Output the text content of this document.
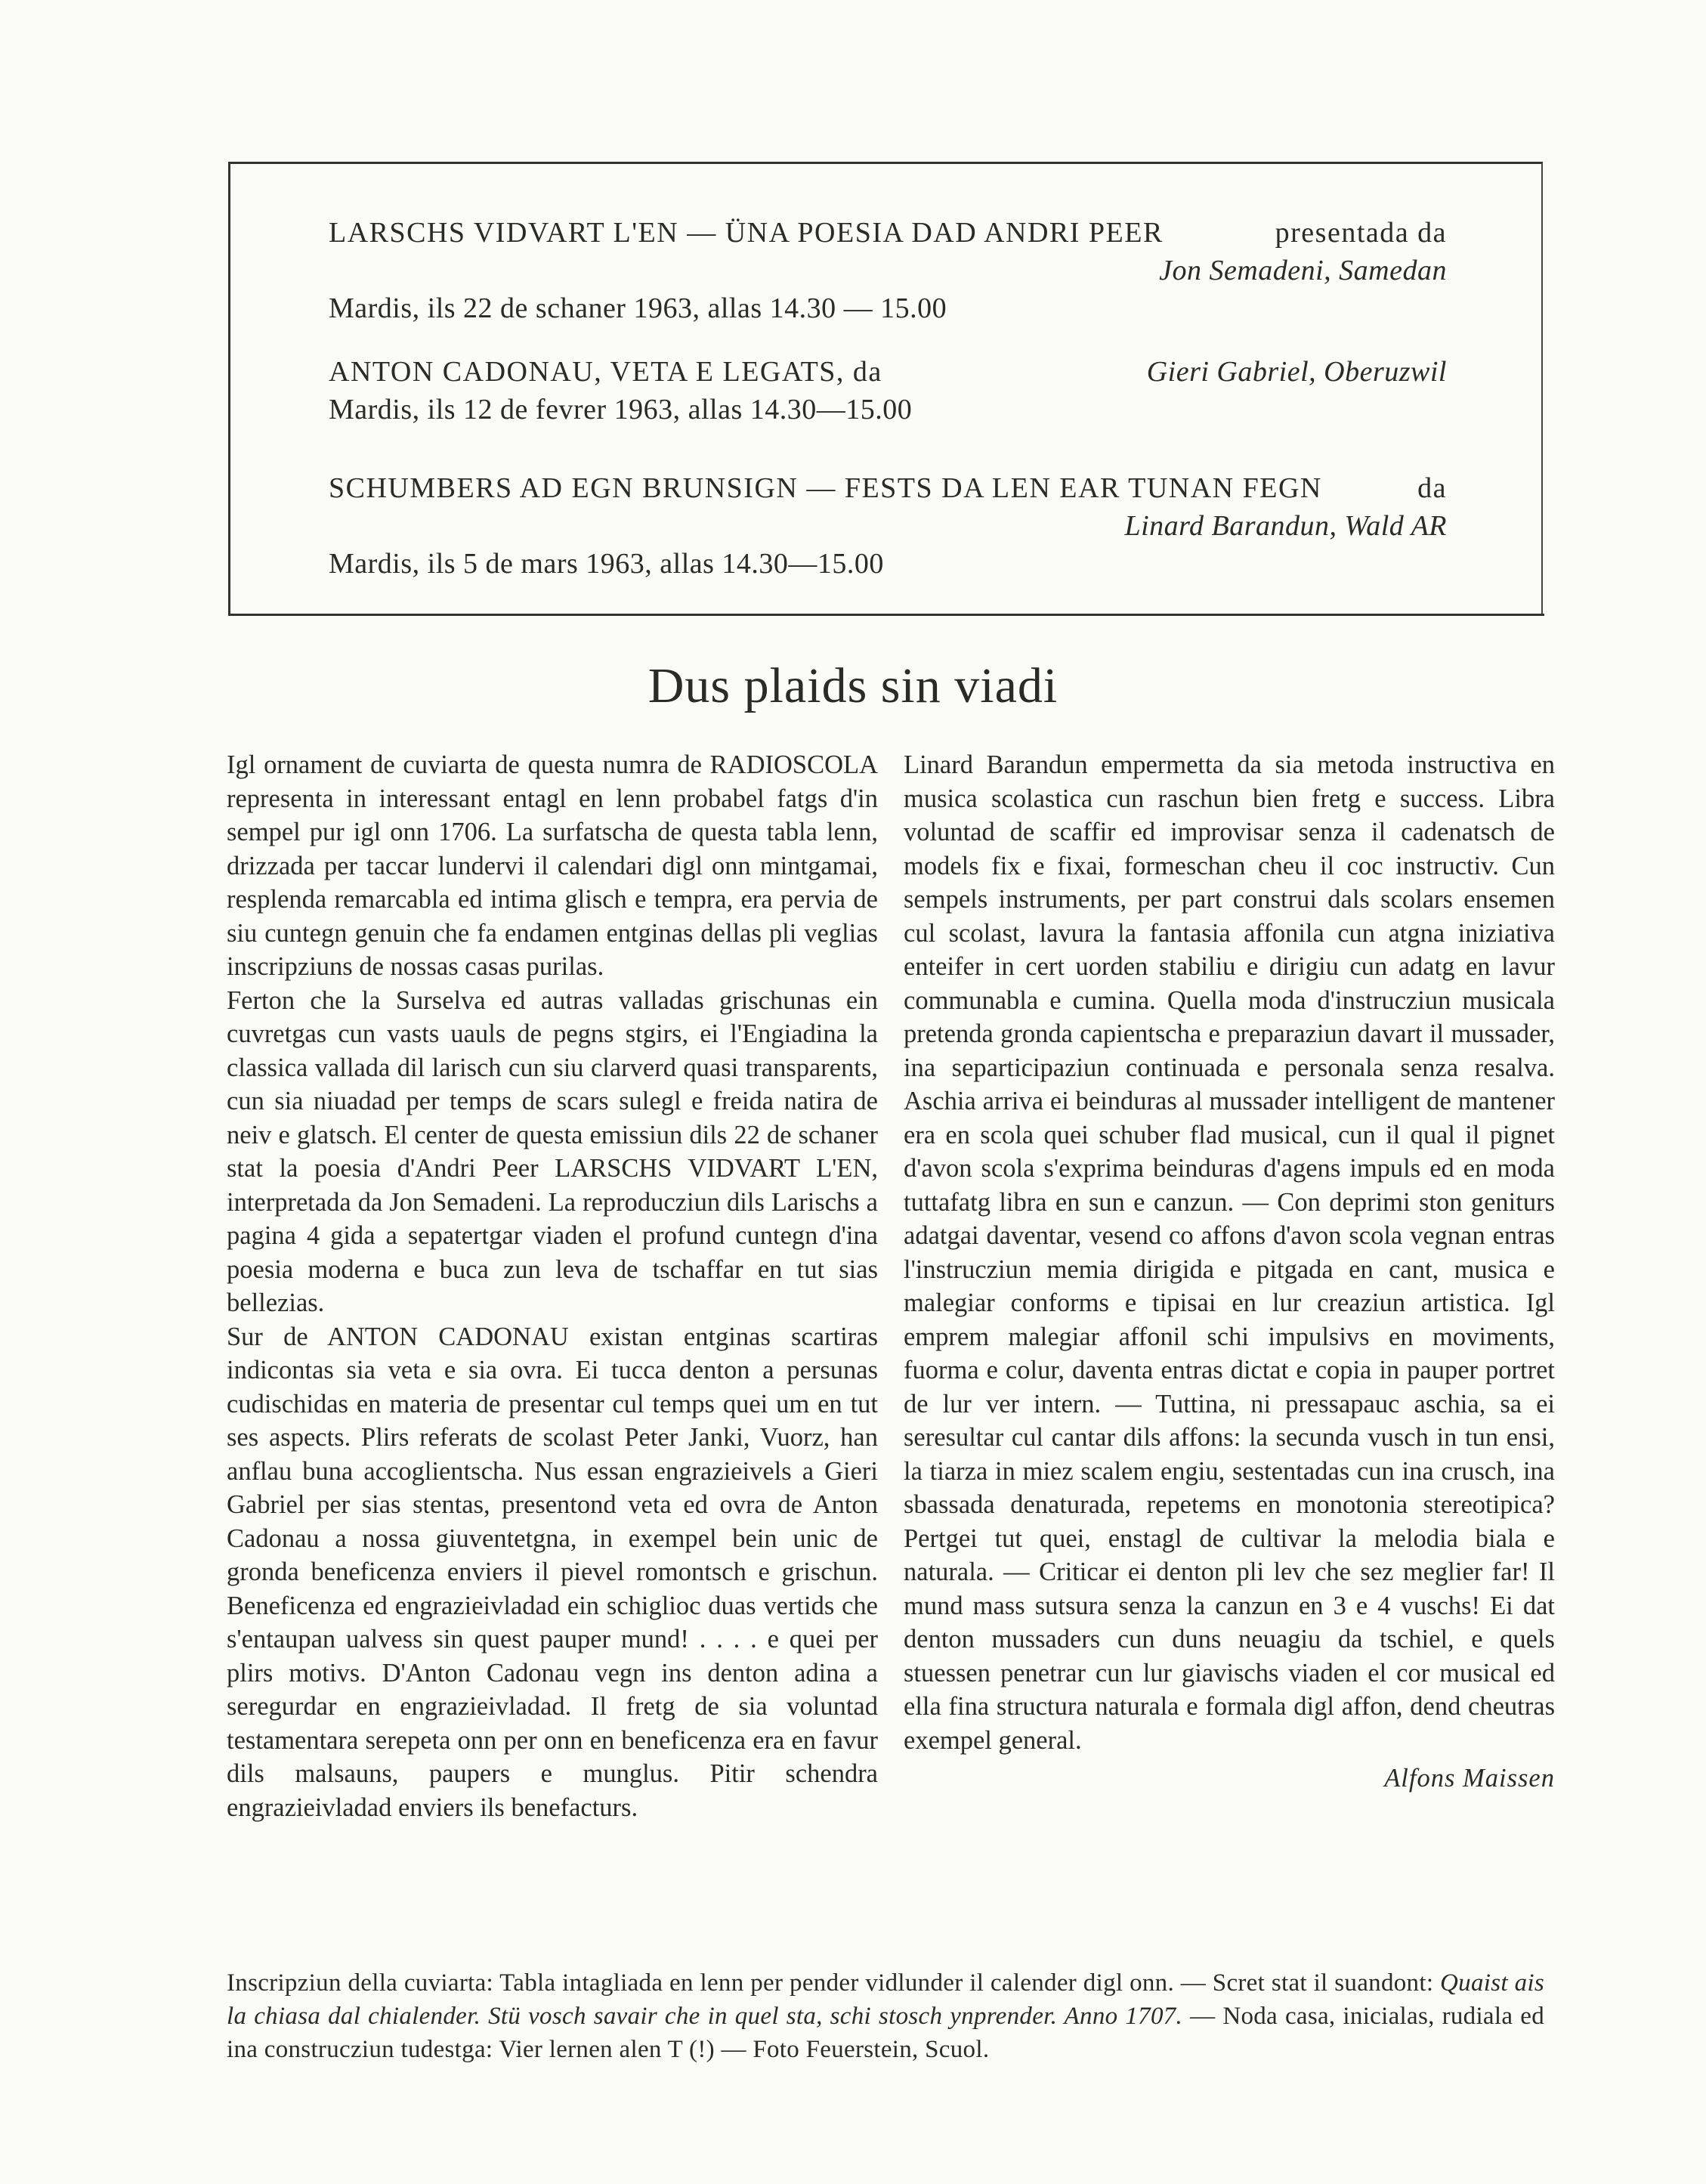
LARSCHS VIDVART L'EN — ÜNA POESIA DAD ANDRI PEER	presentada da
Jon Semadeni, Samedan
Mardis, ils 22 de schaner 1963, allas 14.30 — 15.00
ANTON CADONAU, VETA E LEGATS, da	Gieri Gabriel, Oberuzwil
Mardis, ils 12 de fevrer 1963, allas 14.30—15.00
SCHUMBERS AD EGN BRUNSIGN — FESTS DA LEN EAR TUNAN FEGN	da
Linard Barandun, Wald AR
Mardis, ils 5 de mars 1963, allas 14.30—15.00
Dus plaids sin viadi

Igl ornament de cuviarta de questa numra de RADIOSCOLA representa in interessant entagl en lenn probabel fatgs d'in sempel pur igl onn 1706. La surfatscha de questa tabla lenn, drizzada per taccar lundervi il calendari digl onn mintgamai, resplenda remarcabla ed intima glisch e tempra, era pervia de siu cuntegn genuin che fa endamen entginas dellas pli veglias inscripziuns de nossas casas purilas.

Ferton che la Surselva ed autras valladas grischunas ein cuvretgas cun vasts uauls de pegns stgirs, ei l'Engiadina la classica vallada dil larisch cun siu clarverd quasi transparents, cun sia niuadad per temps de scars sulegl e freida natira de neiv e glatsch. El center de questa emissiun dils 22 de schaner stat la poesia d'Andri Peer LARSCHS VIDVART L'EN, interpretada da Jon Semadeni. La reproducziun dils Larischs a pagina 4 gida a sepatertgar viaden el profund cuntegn d'ina poesia moderna e buca zun leva de tschaffar en tut sias bellezias.

Sur de ANTON CADONAU existan entginas scartiras indicontas sia veta e sia ovra. Ei tucca denton a persunas cudischidas en materia de presentar cul temps quei um en tut ses aspects. Plirs referats de scolast Peter Janki, Vuorz, han anflau buna accoglientscha. Nus essan engrazieivels a Gieri Gabriel per sias stentas, presentond veta ed ovra de Anton Cadonau a nossa giuventetgna, in exempel bein unic de gronda beneficenza enviers il pievel romontsch e grischun. Beneficenza ed engrazieivladad ein schiglioc duas vertids che s'entaupan ualvess sin quest pauper mund! . . . . e quei per plirs motivs. D'Anton Cadonau vegn ins denton adina a seregurdar en engrazieivladad. Il fretg de sia voluntad testamentara serepeta onn per onn en beneficenza era en favur dils malsauns, paupers e munglus. Pitir schendra engrazieivladad enviers ils benefacturs.

Linard Barandun empermetta da sia metoda instructiva en musica scolastica cun raschun bien fretg e success. Libra voluntad de scaffir ed improvisar senza il cadenatsch de models fix e fixai, formeschan cheu il coc instructiv. Cun sempels instruments, per part construi dals scolars ensemen cul scolast, lavura la fantasia affonila cun atgna iniziativa enteifer in cert uorden stabiliu e dirigiu cun adatg en lavur communabla e cumina. Quella moda d'instrucziun musicala pretenda gronda capientscha e preparaziun davart il mussader, ina separticipaziun continuada e personala senza resalva. Aschia arriva ei beinduras al mussader intelligent de mantener era en scola quei schuber flad musical, cun il qual il pignet d'avon scola s'exprima beinduras d'agens impuls ed en moda tuttafatg libra en sun e canzun. — Con deprimi ston geniturs adatgai daventar, vesend co affons d'avon scola vegnan entras l'instrucziun memia dirigida e pitgada en cant, musica e malegiar conforms e tipisai en lur creaziun artistica. Igl emprem malegiar affonil schi impulsivs en moviments, fuorma e colur, daventa entras dictat e copia in pauper portret de lur ver intern. — Tuttina, ni pressapauc aschia, sa ei seresultar cul cantar dils affons: la secunda vusch in tun ensi, la tiarza in miez scalem engiu, sestentadas cun ina crusch, ina sbassada denaturada, repetems en monotonia stereotipica? Pertgei tut quei, enstagl de cultivar la melodia biala e naturala. — Criticar ei denton pli lev che sez meglier far! Il mund mass sutsura senza la canzun en 3 e 4 vuschs! Ei dat denton mussaders cun duns neuagiu da tschiel, e quels stuessen penetrar cun lur giavischs viaden el cor musical ed ella fina structura naturala e formala digl affon, dend cheutras exempel general.

Alfons Maissen
Inscripziun della cuviarta: Tabla intagliada en lenn per pender vidlunder il calender digl onn. — Scret stat il suandont: Quaist ais la chiasa dal chialender. Stü vosch savair che in quel sta, schi stosch ynprender. Anno 1707. — Noda casa, inicialas, rudiala ed ina construcziun tudestga: Vier lernen alen T (!) — Foto Feuerstein, Scuol.
